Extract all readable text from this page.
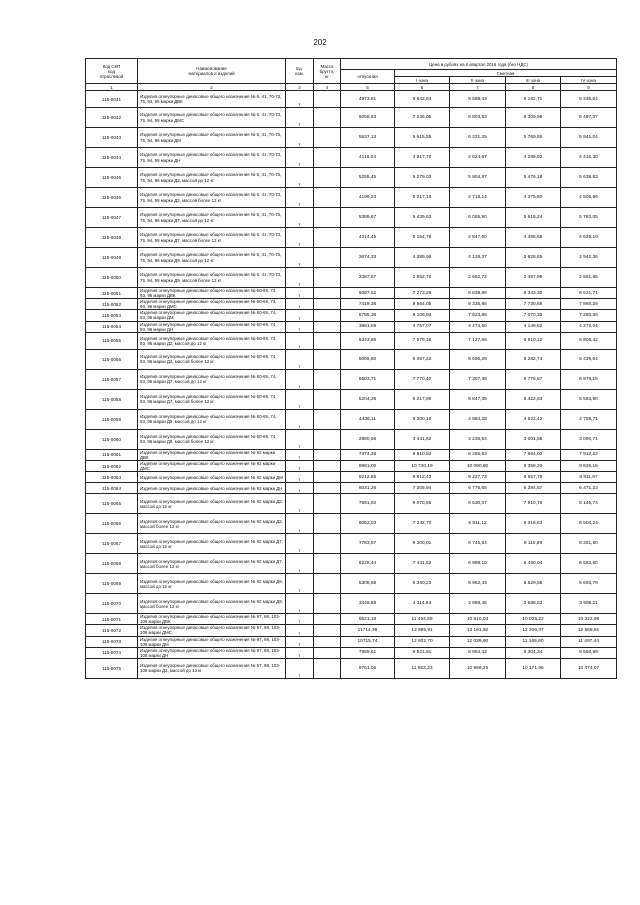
202
Код СКП
код
отраслевой	Наименование
материалов и изделий	Ед.
изм.	Масса
брутто,
кг	Цена в рублях на II квартал 2016 года (без НДС)				
				отпускная	Сметная			
					I зона	II зона	III зона	IV зона
1	2	3	4	5	6	7	8	9
115-0041	Изделия огнеупорные динасовые общего назначения № 6, 41, 70-73, 75, 94, 95 марки ДВК	т		4973.81	5 942,64	5 588,43	5 182,71	5 336,64
115-0042	Изделия огнеупорные динасовые общего назначения № 6, 41, 70-73, 75, 94, 95 марки ДМС	т		6058,63	7 235,05	6 803,93	6 309,96	6 497,37
115-0043	Изделия огнеупорные динасовые общего назначения № 6, 41, 70-73, 75, 94, 95 марки ДМ	т		5537,13	6 615,55	6 221,25	5 769,66	5 941,04
115-0044	Изделия огнеупорные динасовые общего назначения № 6, 41, 70-73, 75, 94, 95 марки ДН	т		4116,04	4 917,70	4 624,67	4 288,92	4 416,30
115-0045	Изделия огнеупорные динасовые общего назначения № 6, 41, 70-73, 75, 94, 95 марки Д2, массой до 12 кг	т		5255,45	6 279,03	5 904,87	5 476,18	5 638,83
115-0046	Изделия огнеупорные динасовые общего назначения № 6, 41, 70-73, 75, 94, 95 марки Д2, массой более 12 кг	т		4199,23	5 017,10	4 718,14	4 375,60	4 505,56
115-0047	Изделия огнеупорные динасовые общего назначения № 6, 41, 70-73, 75, 94, 95 марки Д7, массой до 12 кг	т		5389,67	6 439,63	6 055,90	5 616,24	5 783,05
115-0048	Изделия огнеупорные динасовые общего назначения № 6, 41, 70-73, 75, 94, 95 марки Д7, массой более 12 кг	т		4314,45	5 154,78	4 847,60	4 495,66	4 629,19
115-0049	Изделия огнеупорные динасовые общего назначения № 6, 41, 70-73, 75, 94, 95 марки Д9, массой до 12 кг	т		3674,33	4 389,96	4 128,37	3 828,65	3 942,36
115-0050	Изделия огнеупорные динасовые общего назначения № 6, 41, 70-73, 75, 94, 95 марки Д9, массой более 12 кг	т		2387,67	2 852,70	2 682,72	2 487,95	2 561,85
115-0051	Изделия огнеупорные динасовые общего назначения № 60-69, 74, 93, 96 марки ДВК	т		6087,62	7 273,26	6 839,86	6 343,30	6 531,71
115-0052	Изделия огнеупорные динасовые общего назначения № 60-69, 74, 93, 96 марки ДМС	т		7419,38	8 864,05	8 335,86	7 730,69	7 960,29
115-0053	Изделия огнеупорные динасовые общего назначения № 60-69, 74, 93, 96 марки ДМ	т		6785,38	8 106,93	7 623,86	7 070,35	7 280,36
115-0054	Изделия огнеупорные динасовые общего назначения № 60-69, 74, 93, 96 марки ДН	т		3981,59	4 757,07	4 473,60	4 148,82	4 272,04
115-0055	Изделия огнеупорные динасовые общего назначения № 60-69, 74, 93, 96 марки Д2, массой до 12 кг	т		6343,86	7 579,16	7 127,56	6 610,10	6 806,42
115-0056	Изделия огнеупорные динасовые общего назначения № 60-69, 74, 93, 96 марки Д2, массой более 12 кг	т		5069,80	6 057,22	5 696,29	5 282,74	5 439,64
115-0057	Изделия огнеупорные динасовые общего назначения № 60-69, 74, 93, 96 марки Д7, массой до 12 кг	т		6503,71	7 770,40	7 307,38	6 776,87	6 978,15
115-0058	Изделия огнеупорные динасовые общего назначения № 60-69, 74, 93, 96 марки Д7, массой более 12 кг	т		5204,26	6 217,86	5 847,35	5 422,83	5 583,90
115-0059	Изделия огнеупорные динасовые общего назначения № 60-69, 74, 93, 96 марки Д9, массой до 12 кг	т		4436,11	5 300,10	4 984,28	4 622,42	4 759,71
115-0060	Изделия огнеупорные динасовые общего назначения № 60-69, 74, 93, 96 марки Д9, массой более 12 кг	т		2880,56	3 441,62	3 236,54	3 001,56	3 090,71
115-0061	Изделия огнеупорные динасовые общего назначения № 92 марки ДВК	т		7374,28	8 810,53	8 285,53	7 684,00	7 912,22
115-0062	Изделия огнеупорные динасовые общего назначения № 92 марки ДМС	т		8981,00	10 730,19	10 090,80	9 358,20	9 636,15
115-0063	Изделия огнеупорные динасовые общего назначения № 92 марки ДМ	т		8212,85	9 812,43	9 227,73	8 557,79	8 811,97
115-0064	Изделия огнеупорные динасовые общего назначения № 92 марки ДН	т		6031,26	7 205,94	6 776,55	6 284,57	6 471,23
115-0065	Изделия огнеупорные динасовые общего назначения № 92 марки Д2, массой до 12 кг	т		7591,92	9 070,56	8 530,07	7 910,78	8 145,74
115-0066	Изделия огнеупорные динасовые общего назначения № 92 марки Д2, массой более 12 кг	т		6062,03	7 242,70	6 811,12	6 316,63	6 504,24
115-0067	Изделия огнеупорные динасовые общего назначения № 92 марки Д7, массой до 12 кг	т		7783,97	9 300,01	8 745,84	8 110,89	8 351,80
115-0068	Изделия огнеупорные динасовые общего назначения № 92 марки Д7, массой более 12 кг	т		6228,44	7 441,52	6 998,10	6 490,04	6 682,80
115-0069	Изделия огнеупорные динасовые общего назначения № 92 марки Д9, массой до 12 кг	т		5306,68	6 340,23	5 962,43	5 529,56	5 693,79
115-0070	Изделия огнеупорные динасовые общего назначения № 92 марки Д9, массой более 12 кг	т		3445,88	4 114,63	3 869,45	3 588,53	3 695,11
115-0071	Изделия огнеупорные динасовые общего назначения № 97, 98, 103-109 марки ДВК	т		9621,19	11 494,69	10 810,03	10 025,22	10 322,98
115-0072	Изделия огнеупорные динасовые общего назначения № 97, 98, 103-109 марки ДМС	т		11714,36	13 995,91	13 161,92	12 206,37	12 568,91
115-0073	Изделия огнеупорные динасовые общего назначения № 97, 98, 103-109 марки ДМ	т		10715,74	12 802,70	12 039,90	11 165,80	11 497,44
115-0074	Изделия огнеупорные динасовые общего назначения № 97, 98, 103-109 марки ДН	т		7969,61	9 521,81	8 954,43	8 304,34	8 550,99
115-0075	Изделия огнеупорные динасовые общего назначения № 97, 98, 103-109 марки Д2, массой до 12 кг	т		9761,05	11 663,23	10 968,25	10 171,96	10 474,07
